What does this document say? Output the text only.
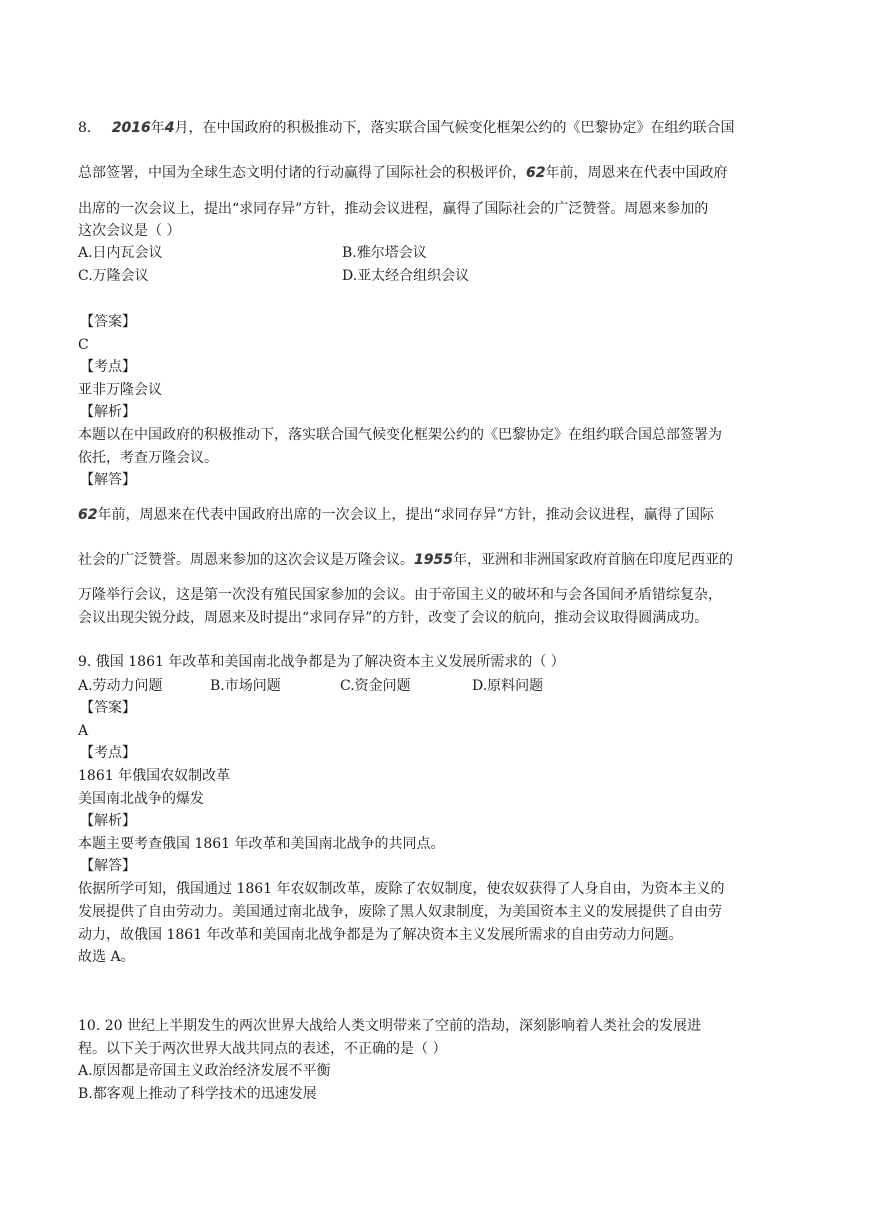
8. 2016年4月，在中国政府的积极推动下，落实联合国气候变化框架公约的《巴黎协定》在组约联合国
总部签署，中国为全球生态文明付诸的行动赢得了国际社会的积极评价，62年前，周恩来在代表中国政府
出席的一次会议上，提出“求同存异”方针，推动会议进程，赢得了国际社会的广泛赞誉。周恩来参加的
这次会议是（ ）
A.日内瓦会议	B.雅尔塔会议
C.万隆会议	D.亚太经合组织会议
【答案】
C
【考点】
亚非万隆会议
【解析】
本题以在中国政府的积极推动下，落实联合国气候变化框架公约的《巴黎协定》在组约联合国总部签署为
依托，考查万隆会议。
【解答】
62年前，周恩来在代表中国政府出席的一次会议上，提出“求同存异”方针，推动会议进程，赢得了国际
社会的广泛赞誉。周恩来参加的这次会议是万隆会议。1955年，亚洲和非洲国家政府首脑在印度尼西亚的
万隆举行会议，这是第一次没有殖民国家参加的会议。由于帝国主义的破坏和与会各国间矛盾错综复杂，
会议出现尖锐分歧，周恩来及时提出“求同存异”的方针，改变了会议的航向，推动会议取得圆满成功。
9. 俄国 1861 年改革和美国南北战争都是为了解决资本主义发展所需求的（ ）
A.劳动力问题	B.市场问题	C.资金问题	D.原料问题
【答案】
A
【考点】
1861 年俄国农奴制改革
美国南北战争的爆发
【解析】
本题主要考查俄国 1861 年改革和美国南北战争的共同点。
【解答】
依据所学可知，俄国通过 1861 年农奴制改革，废除了农奴制度，使农奴获得了人身自由，为资本主义的
发展提供了自由劳动力。美国通过南北战争，废除了黑人奴隶制度，为美国资本主义的发展提供了自由劳
动力，故俄国 1861 年改革和美国南北战争都是为了解决资本主义发展所需求的自由劳动力问题。
故选 A。
10. 20 世纪上半期发生的两次世界大战给人类文明带来了空前的浩劫，深刻影响着人类社会的发展进
程。以下关于两次世界大战共同点的表述，不正确的是（ ）
A.原因都是帝国主义政治经济发展不平衡
B.都客观上推动了科学技术的迅速发展
